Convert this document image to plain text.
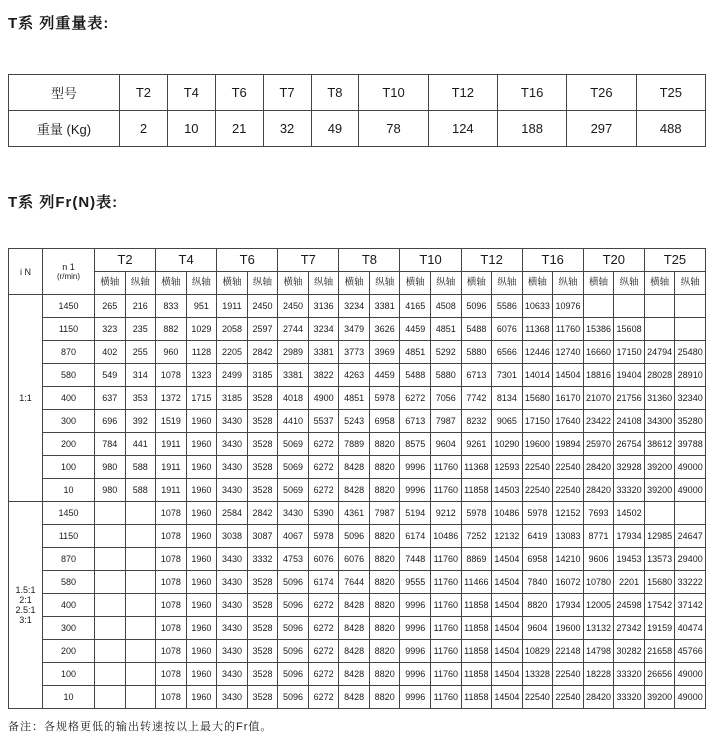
T系 列重量表:
型号	T2	T4	T6	T7	T8	T10	T12	T16	T26	T25
重量 (Kg)	2	10	21	32	49	78	124	188	297	488
T系 列Fr(N)表:
i N	n 1
(r/min)	T2		T4		T6		T7		T8		T10		T12		T16		T20		T25	
		横轴	纵轴	横轴	纵轴	横轴	纵轴	横轴	纵轴	横轴	纵轴	横轴	纵轴	横轴	纵轴	横轴	纵轴	横轴	纵轴	横轴	纵轴
1:1	1450	265	216	833	951	1911	2450	2450	3136	3234	3381	4165	4508	5096	5586	10633	10976				
	1150	323	235	882	1029	2058	2597	2744	3234	3479	3626	4459	4851	5488	6076	11368	11760	15386	15608		
	870	402	255	960	1128	2205	2842	2989	3381	3773	3969	4851	5292	5880	6566	12446	12740	16660	17150	24794	25480
	580	549	314	1078	1323	2499	3185	3381	3822	4263	4459	5488	5880	6713	7301	14014	14504	18816	19404	28028	28910
	400	637	353	1372	1715	3185	3528	4018	4900	4851	5978	6272	7056	7742	8134	15680	16170	21070	21756	31360	32340
	300	696	392	1519	1960	3430	3528	4410	5537	5243	6958	6713	7987	8232	9065	17150	17640	23422	24108	34300	35280
	200	784	441	1911	1960	3430	3528	5069	6272	7889	8820	8575	9604	9261	10290	19600	19894	25970	26754	38612	39788
	100	980	588	1911	1960	3430	3528	5069	6272	8428	8820	9996	11760	11368	12593	22540	22540	28420	32928	39200	49000
	10	980	588	1911	1960	3430	3528	5069	6272	8428	8820	9996	11760	11858	14503	22540	22540	28420	33320	39200	49000

1.5:1
2:1
2.5:1
3:1	1450			1078	1960	2584	2842	3430	5390	4361	7987	5194	9212	5978	10486	5978	12152	7693	14502		
	1150			1078	1960	3038	3087	4067	5978	5096	8820	6174	10486	7252	12132	6419	13083	8771	17934	12985	24647
	870			1078	1960	3430	3332	4753	6076	6076	8820	7448	11760	8869	14504	6958	14210	9606	19453	13573	29400
	580			1078	1960	3430	3528	5096	6174	7644	8820	9555	11760	11466	14504	7840	16072	10780	2201	15680	33222
	400			1078	1960	3430	3528	5096	6272	8428	8820	9996	11760	11858	14504	8820	17934	12005	24598	17542	37142
	300			1078	1960	3430	3528	5096	6272	8428	8820	9996	11760	11858	14504	9604	19600	13132	27342	19159	40474
	200			1078	1960	3430	3528	5096	6272	8428	8820	9996	11760	11858	14504	10829	22148	14798	30282	21658	45766
	100			1078	1960	3430	3528	5096	6272	8428	8820	9996	11760	11858	14504	13328	22540	18228	33320	26656	49000
	10			1078	1960	3430	3528	5096	6272	8428	8820	9996	11760	11858	14504	22540	22540	28420	33320	39200	49000
备注：各规格更低的输出转速按以上最大的Fr值。
